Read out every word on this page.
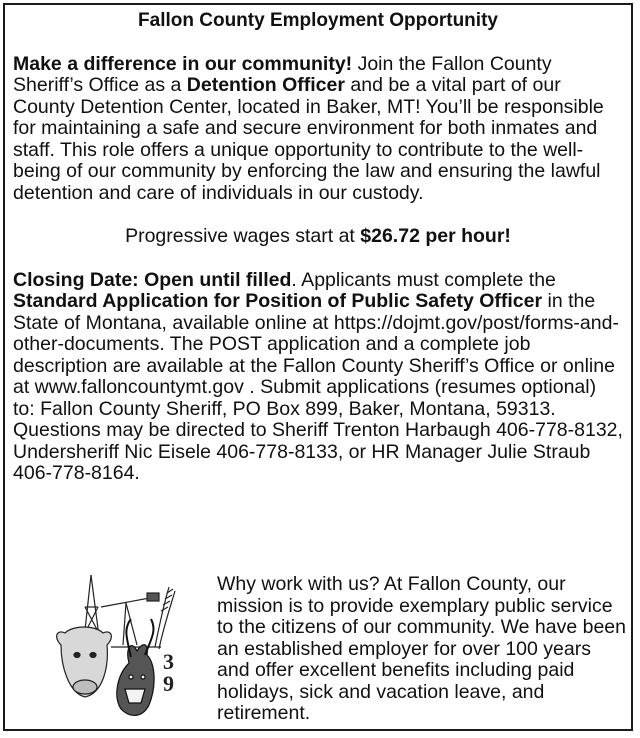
Fallon County Employment Opportunity

Make a difference in our community! Join the Fallon County Sheriff’s Office as a Detention Officer and be a vital part of our County Detention Center, located in Baker, MT! You’ll be responsible for maintaining a safe and secure environment for both inmates and staff. This role offers a unique opportunity to contribute to the well-being of our community by enforcing the law and ensuring the lawful detention and care of individuals in our custody.

Progressive wages start at $26.72 per hour!

Closing Date: Open until filled. Applicants must complete the Standard Application for Position of Public Safety Officer in the State of Montana, available online at https://dojmt.gov/post/forms-and-other-documents. The POST application and a complete job description are available at the Fallon County Sheriff’s Office or online at www.falloncountymt.gov . Submit applications (resumes optional) to: Fallon County Sheriff, PO Box 899, Baker, Montana, 59313. Questions may be directed to Sheriff Trenton Harbaugh 406-778-8132, Undersheriff Nic Eisele 406-778-8133, or HR Manager Julie Straub 406-778-8164.

3 9

Why work with us? At Fallon County, our mission is to provide exemplary public service to the citizens of our community. We have been an established employer for over 100 years and offer excellent benefits including paid holidays, sick and vacation leave, and retirement.
